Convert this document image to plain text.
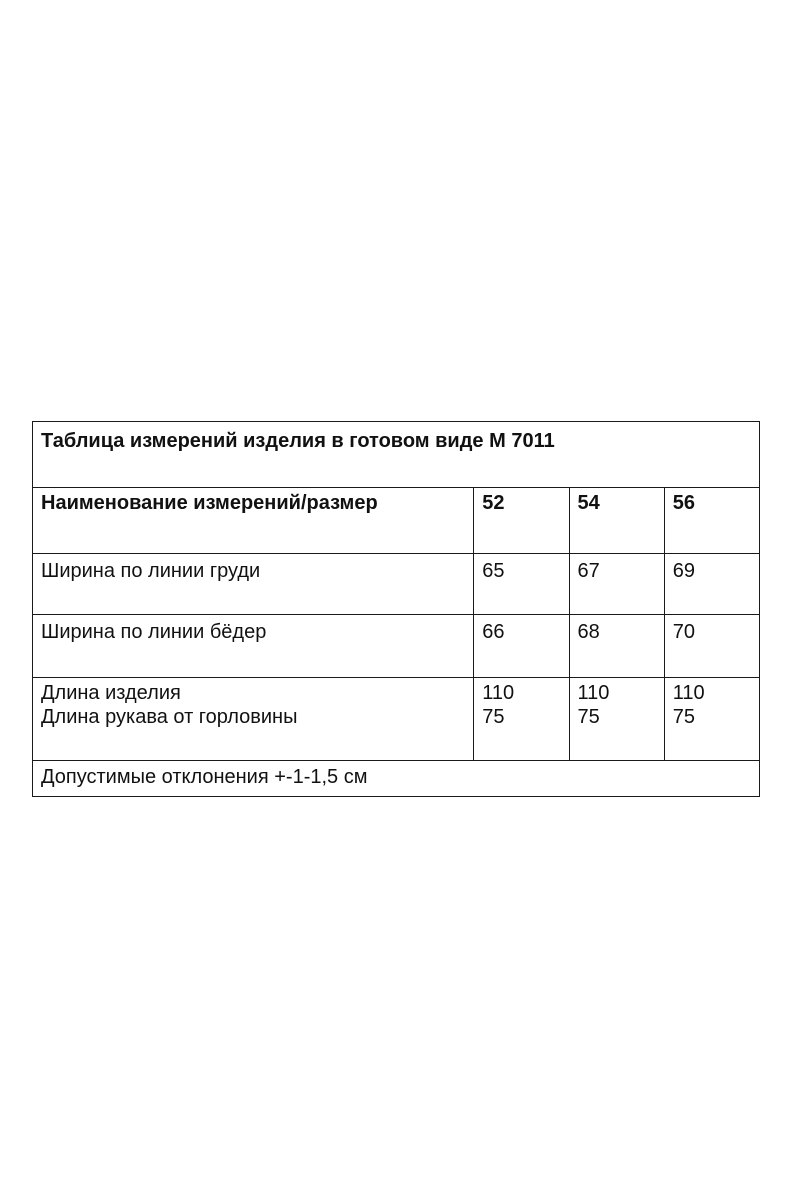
Таблица измерений изделия в готовом виде М 7011			
Наименование измерений/размер	52	54	56
Ширина по линии груди	65	67	69
Ширина по линии бёдер	66	68	70
Длина изделия	110	110	110
Длина рукава от горловины	75	75	75
Допустимые отклонения +-1-1,5 см			
